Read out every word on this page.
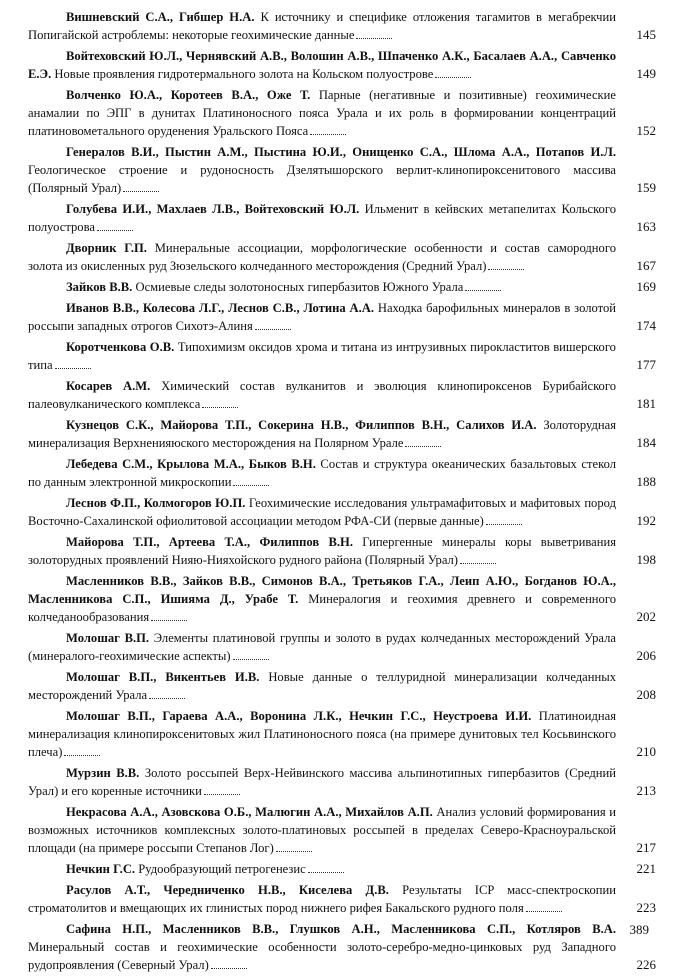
Вишневский С.А., Гибшер Н.А. К источнику и специфике отложения тагамитов в мегабрекчии Попигайской астроблемы: некоторые геохимические данные	145
Войтеховский Ю.Л., Чернявский А.В., Волошин А.В., Шпаченко А.К., Басалаев А.А., Савченко Е.Э. Новые проявления гидротермального золота на Кольском полуострове	149
Волченко Ю.А., Коротеев В.А., Оже Т. Парные (негативные и позитивные) геохимические анамалии по ЭПГ в дунитах Платиноносного пояса Урала и их роль в формировании концентраций платиновометального оруденения Уральского Пояса	152
Генералов В.И., Пыстин А.М., Пыстина Ю.И., Онищенко С.А., Шлома А.А., Потапов И.Л. Геологическое строение и рудоносность Дзелятышорского верлит-клинопироксенитового массива (Полярный Урал)	159
Голубева И.И., Махлаев Л.В., Войтеховский Ю.Л. Ильменит в кейвских метапелитах Кольского полуострова	163
Дворник Г.П. Минеральные ассоциации, морфологические особенности и состав самородного золота из окисленных руд Зюзельского колчеданного месторождения (Средний Урал)	167
Зайков В.В. Осмиевые следы золотоносных гипербазитов Южного Урала	169
Иванов В.В., Колесова Л.Г., Леснов С.В., Лотина А.А. Находка барофильных минералов в золотой россыпи западных отрогов Сихотэ-Алиня	174
Коротченкова О.В. Типохимизм оксидов хрома и титана из интрузивных пирокластитов вишерского типа	177
Косарев А.М. Химический состав вулканитов и эволюция клинопироксенов Бурибайского палеовулканического комплекса	181
Кузнецов С.К., Майорова Т.П., Сокерина Н.В., Филиппов В.Н., Салихов И.А. Золоторудная минерализация Верхненияюского месторождения на Полярном Урале	184
Лебедева С.М., Крылова М.А., Быков В.Н. Состав и структура океанических базальтовых стекол по данным электронной микроскопии	188
Леснов Ф.П., Колмогоров Ю.П. Геохимические исследования ультрамафитовых и мафитовых пород Восточно-Сахалинской офиолитовой ассоциации методом РФА-СИ (первые данные)	192
Майорова Т.П., Артеева Т.А., Филиппов В.Н. Гипергенные минералы коры выветривания золоторудных проявлений Нияю-Нияхойского рудного района (Полярный Урал)	198
Масленников В.В., Зайков В.В., Симонов В.А., Третьяков Г.А., Леип А.Ю., Богданов Ю.А., Масленникова С.П., Ишияма Д., Урабе Т. Минералогия и геохимия древнего и современного колчеданообразования	202
Молошаг В.П. Элементы платиновой группы и золото в рудах колчеданных месторождений Урала (минералого-геохимические аспекты)	206
Молошаг В.П., Викентьев И.В. Новые данные о теллуридной минерализации колчеданных месторождений Урала	208
Молошаг В.П., Гараева А.А., Воронина Л.К., Нечкин Г.С., Неустроева И.И. Платиноидная минерализация клинопироксенитовых жил Платиноносного пояса (на примере дунитовых тел Косьвинского плеча)	210
Мурзин В.В. Золото россыпей Верх-Нейвинского массива альпинотипных гипербазитов (Средний Урал) и его коренные источники	213
Некрасова А.А., Азовскова О.Б., Малюгин А.А., Михайлов А.П. Анализ условий формирования и возможных источников комплексных золото-платиновых россыпей в пределах Северо-Красноуральской площади (на примере россыпи Степанов Лог)	217
Нечкин Г.С. Рудообразующий петрогенезис	221
Расулов А.Т., Чередниченко Н.В., Киселева Д.В. Результаты ICP масс-спектроскопии строматолитов и вмещающих их глинистых пород нижнего рифея Бакальского рудного поля	223
Сафина Н.П., Масленников В.В., Глушков А.Н., Масленникова С.П., Котляров В.А. Минеральный состав и геохимические особенности золото-серебро-медно-цинковых руд Западного рудопроявления (Северный Урал)	226
389
